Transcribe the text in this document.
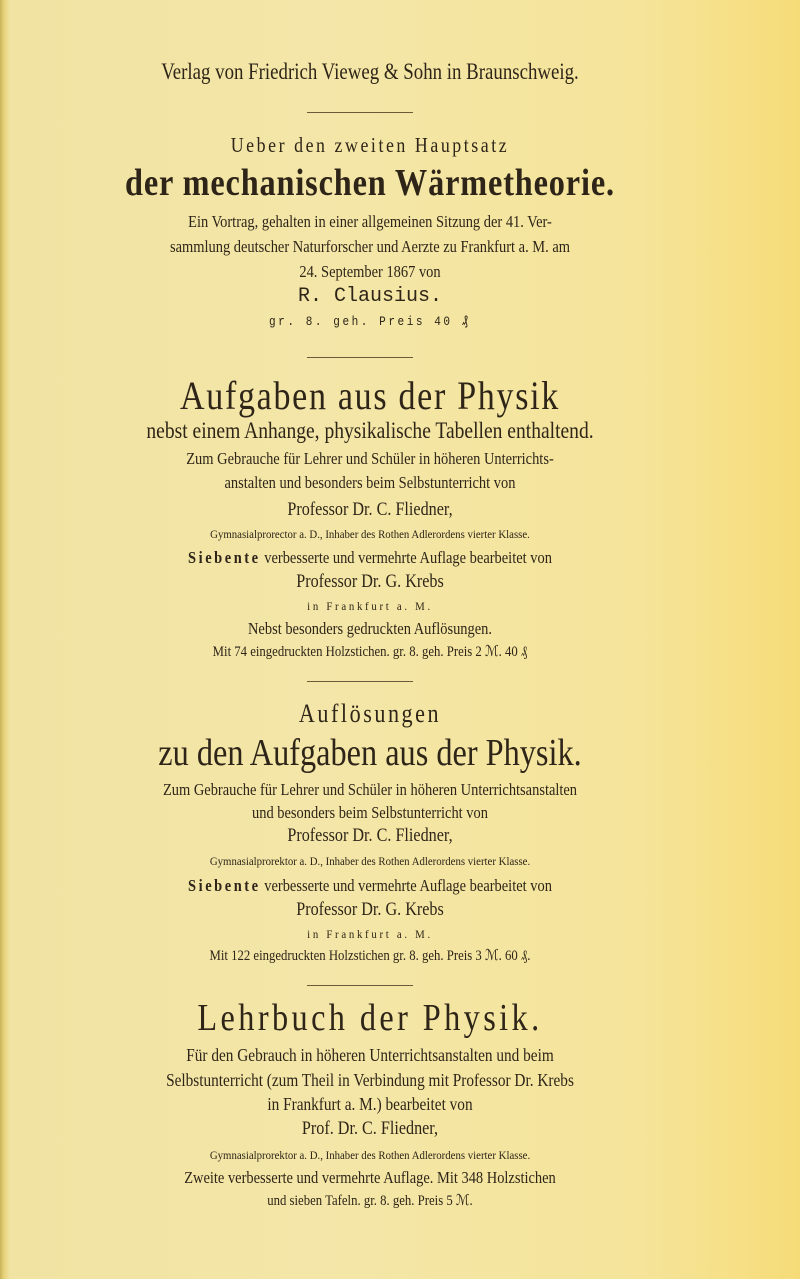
Verlag von Friedrich Vieweg & Sohn in Braunschweig.
Ueber den zweiten Hauptsatz
der mechanischen Wärmetheorie.
Ein Vortrag, gehalten in einer allgemeinen Sitzung der 41. Ver-
sammlung deutscher Naturforscher und Aerzte zu Frankfurt a. M. am
24. September 1867 von
R. Clausius.
gr. 8. geh. Preis 40 ₰
Aufgaben aus der Physik
nebst einem Anhange, physikalische Tabellen enthaltend.
Zum Gebrauche für Lehrer und Schüler in höheren Unterrichts-
anstalten und besonders beim Selbstunterricht von
Professor Dr. C. Fliedner,
Gymnasialprorector a. D., Inhaber des Rothen Adlerordens vierter Klasse.
Siebente verbesserte und vermehrte Auflage bearbeitet von
Professor Dr. G. Krebs
in Frankfurt a. M.
Nebst besonders gedruckten Auflösungen.
Mit 74 eingedruckten Holzstichen. gr. 8. geh. Preis 2 ℳ. 40 ₰
Auflösungen
zu den Aufgaben aus der Physik.
Zum Gebrauche für Lehrer und Schüler in höheren Unterrichtsanstalten
und besonders beim Selbstunterricht von
Professor Dr. C. Fliedner,
Gymnasialprorektor a. D., Inhaber des Rothen Adlerordens vierter Klasse.
Siebente verbesserte und vermehrte Auflage bearbeitet von
Professor Dr. G. Krebs
in Frankfurt a. M.
Mit 122 eingedruckten Holzstichen gr. 8. geh. Preis 3 ℳ. 60 ₰.
Lehrbuch der Physik.
Für den Gebrauch in höheren Unterrichtsanstalten und beim
Selbstunterricht (zum Theil in Verbindung mit Professor Dr. Krebs
in Frankfurt a. M.) bearbeitet von
Prof. Dr. C. Fliedner,
Gymnasialprorektor a. D., Inhaber des Rothen Adlerordens vierter Klasse.
Zweite verbesserte und vermehrte Auflage. Mit 348 Holzstichen
und sieben Tafeln. gr. 8. geh. Preis 5 ℳ.
